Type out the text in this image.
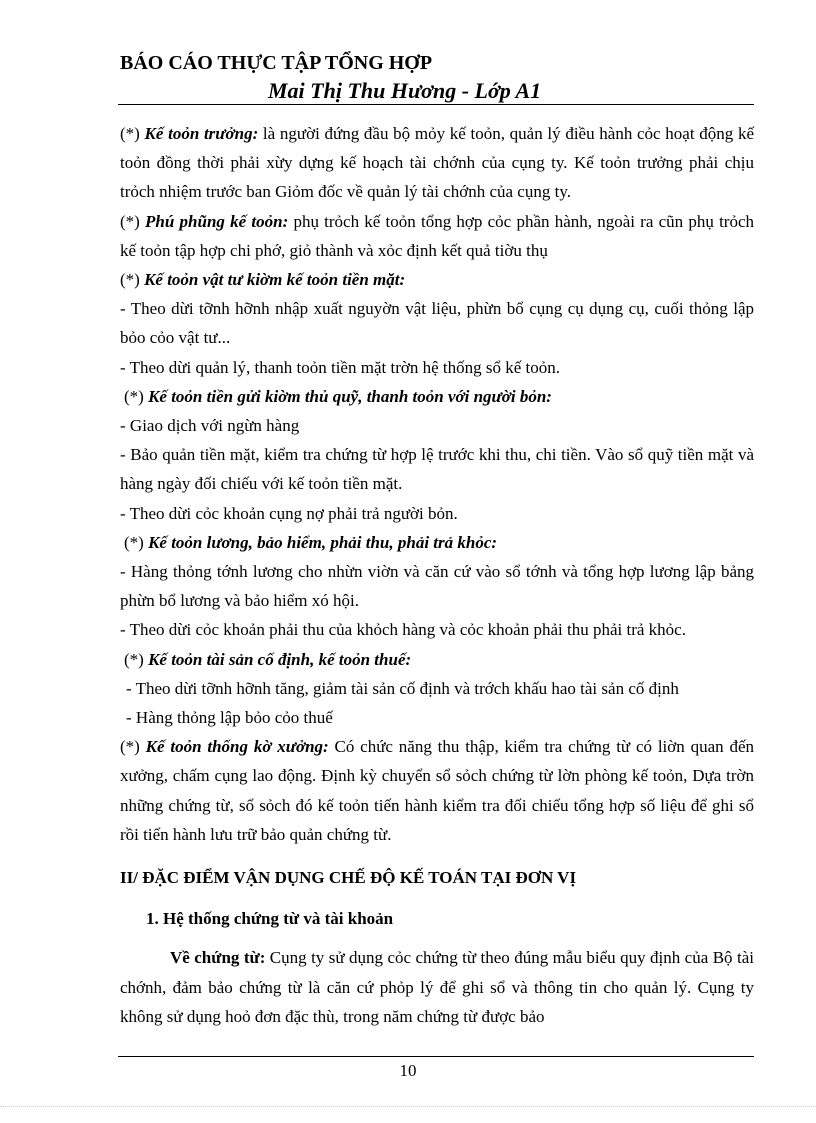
BÁO CÁO THỰC TẬP TỔNG HỢP
Mai Thị Thu Hương - Lớp A1

(*) Kế toỏn trưởng: là người đứng đầu bộ mỏy kế toỏn, quản lý điều hành cỏc hoạt động kế toỏn đồng thời phải xừy dựng kế hoạch tài chớnh của cụng ty. Kế toỏn trưởng phải chịu trỏch nhiệm trước ban Giỏm đốc về quản lý tài chớnh của cụng ty.

(*) Phú phũng kế toỏn: phụ trỏch kế toỏn tổng hợp cỏc phần hành, ngoài ra cũn phụ trỏch kế toỏn tập hợp chi phớ, giỏ thành và xỏc định kết quả tiờu thụ

(*) Kế toỏn vật tư kiờm kế toỏn tiền mặt:

- Theo dừi tỡnh hỡnh nhập xuất nguyờn vật liệu, phừn bổ cụng cụ dụng cụ, cuối thỏng lập bỏo cỏo vật tư...

- Theo dừi quản lý, thanh toỏn tiền mặt trờn hệ thống sổ kế toỏn.

(*) Kế toỏn tiền gửi kiờm thủ quỹ, thanh toỏn với người bỏn:

- Giao dịch với ngừn hàng

- Bảo quản tiền mặt, kiểm tra chứng từ hợp lệ trước khi thu, chi tiền. Vào sổ quỹ tiền mặt và hàng ngày đối chiếu với kế toỏn tiền mặt.

- Theo dừi cỏc khoản cụng nợ phải trả người bỏn.

(*) Kế toỏn lương, bảo hiểm, phải thu, phải trả khỏc:

- Hàng thỏng tớnh lương cho nhừn viờn và căn cứ vào sổ tớnh và tổng hợp lương lập bảng phừn bổ lương và bảo hiểm xó hội.

- Theo dừi cỏc khoản phải thu của khỏch hàng và cỏc khoản phải thu phải trả khỏc.

(*) Kế toỏn tài sản cố định, kế toỏn thuế:

- Theo dừi tỡnh hỡnh tăng, giảm tài sản cố định và trớch khấu hao tài sản cố định

- Hàng thỏng lập bỏo cỏo thuế

(*) Kế toỏn thống kờ xưởng: Có chức năng thu thập, kiểm tra chứng từ có liờn quan đến xưởng, chấm cụng lao động. Định kỳ chuyển sổ sỏch chứng từ lờn phòng kế toỏn, Dựa trờn những chứng từ, sổ sỏch đó kế toỏn tiến hành kiểm tra đối chiếu tổng hợp số liệu để ghi sổ rồi tiến hành lưu trữ bảo quản chứng từ.

II/ ĐẶC ĐIỂM VẬN DỤNG CHẾ ĐỘ KẾ TOÁN TẠI ĐƠN VỊ
1. Hệ thống chứng từ và tài khoản

Về chứng từ: Cụng ty sử dụng cỏc chứng từ theo đúng mẫu biểu quy định của Bộ tài chớnh, đảm bảo chứng từ là căn cứ phỏp lý để ghi sổ và thông tin cho quản lý. Cụng ty không sử dụng hoỏ đơn đặc thù, trong năm chứng từ được bảo

10
